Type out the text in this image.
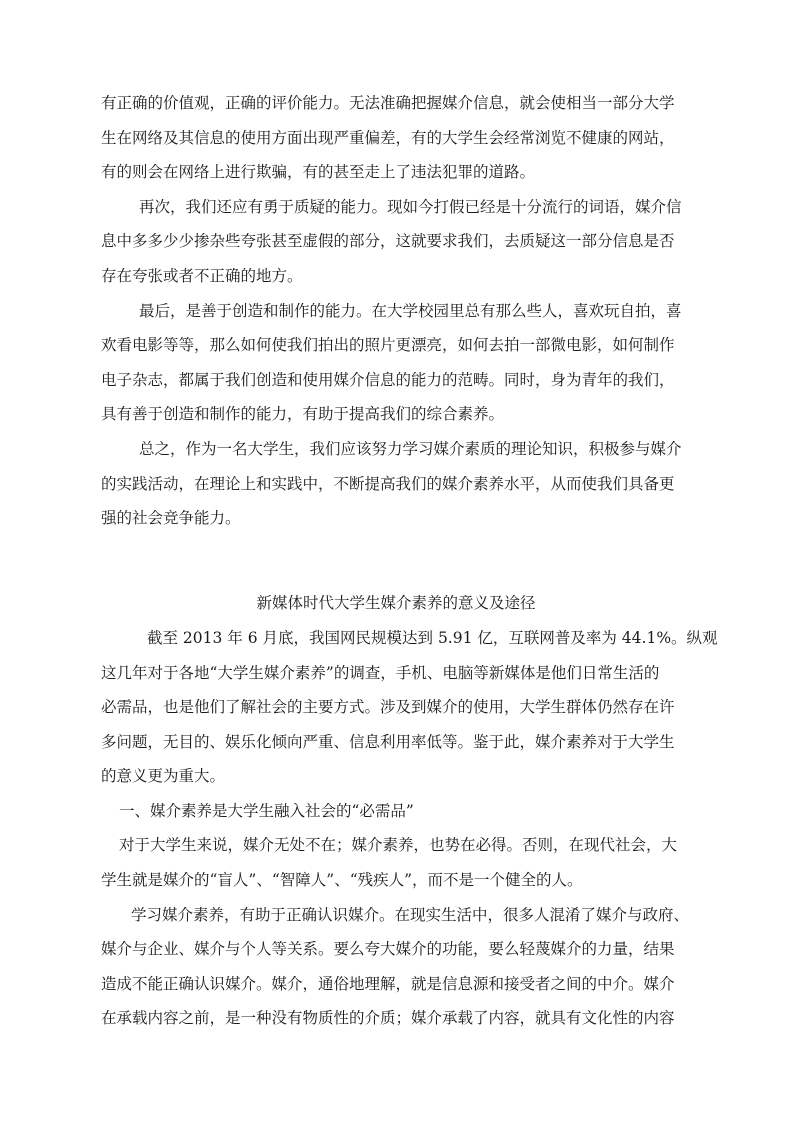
有正确的价值观，正确的评价能力。无法准确把握媒介信息，就会使相当一部分大学
生在网络及其信息的使用方面出现严重偏差，有的大学生会经常浏览不健康的网站，
有的则会在网络上进行欺骗，有的甚至走上了违法犯罪的道路。
再次，我们还应有勇于质疑的能力。现如今打假已经是十分流行的词语，媒介信
息中多多少少掺杂些夸张甚至虚假的部分，这就要求我们，去质疑这一部分信息是否
存在夸张或者不正确的地方。
最后，是善于创造和制作的能力。在大学校园里总有那么些人，喜欢玩自拍，喜
欢看电影等等，那么如何使我们拍出的照片更漂亮，如何去拍一部微电影，如何制作
电子杂志，都属于我们创造和使用媒介信息的能力的范畴。同时，身为青年的我们，
具有善于创造和制作的能力，有助于提高我们的综合素养。
总之，作为一名大学生，我们应该努力学习媒介素质的理论知识，积极参与媒介
的实践活动，在理论上和实践中，不断提高我们的媒介素养水平，从而使我们具备更
强的社会竞争能力。
新媒体时代大学生媒介素养的意义及途径
截至 2013 年 6 月底，我国网民规模达到 5.91 亿，互联网普及率为 44.1%。纵观
这几年对于各地“大学生媒介素养”的调查，手机、电脑等新媒体是他们日常生活的
必需品，也是他们了解社会的主要方式。涉及到媒介的使用，大学生群体仍然存在许
多问题，无目的、娱乐化倾向严重、信息利用率低等。鉴于此，媒介素养对于大学生
的意义更为重大。
一、媒介素养是大学生融入社会的“必需品”
对于大学生来说，媒介无处不在；媒介素养，也势在必得。否则，在现代社会，大
学生就是媒介的“盲人”、“智障人”、“残疾人”，而不是一个健全的人。
学习媒介素养，有助于正确认识媒介。在现实生活中，很多人混淆了媒介与政府、
媒介与企业、媒介与个人等关系。要么夸大媒介的功能，要么轻蔑媒介的力量，结果
造成不能正确认识媒介。媒介，通俗地理解，就是信息源和接受者之间的中介。媒介
在承载内容之前，是一种没有物质性的介质；媒介承载了内容，就具有文化性的内容
